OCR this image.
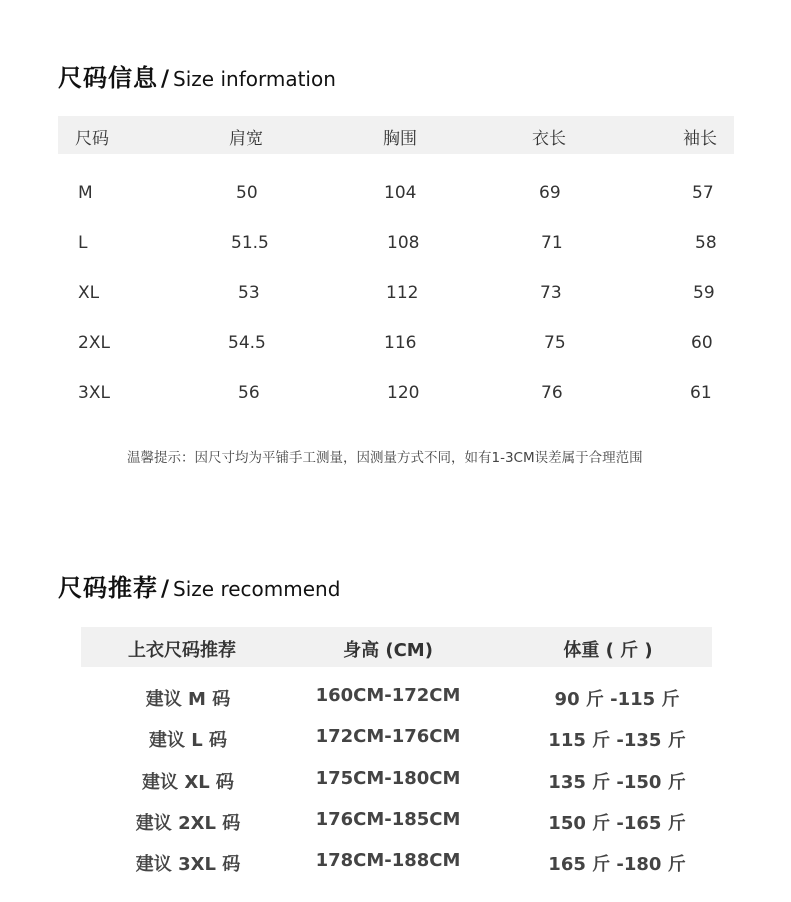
尺码信息 / Size information
尺码	肩宽	胸围	衣长	袖长
M	50	104	69	57
L	51.5	108	71	58
XL	53	112	73	59
2XL	54.5	116	75	60
3XL	56	120	76	61
温馨提示：因尺寸均为平铺手工测量，因测量方式不同，如有1-3CM误差属于合理范围
尺码推荐 / Size recommend
上衣尺码推荐	身高 (CM)	体重 ( 斤 )
建议 M 码	160CM-172CM	90 斤 -115 斤
建议 L 码	172CM-176CM	115 斤 -135 斤
建议 XL 码	175CM-180CM	135 斤 -150 斤
建议 2XL 码	176CM-185CM	150 斤 -165 斤
建议 3XL 码	178CM-188CM	165 斤 -180 斤
